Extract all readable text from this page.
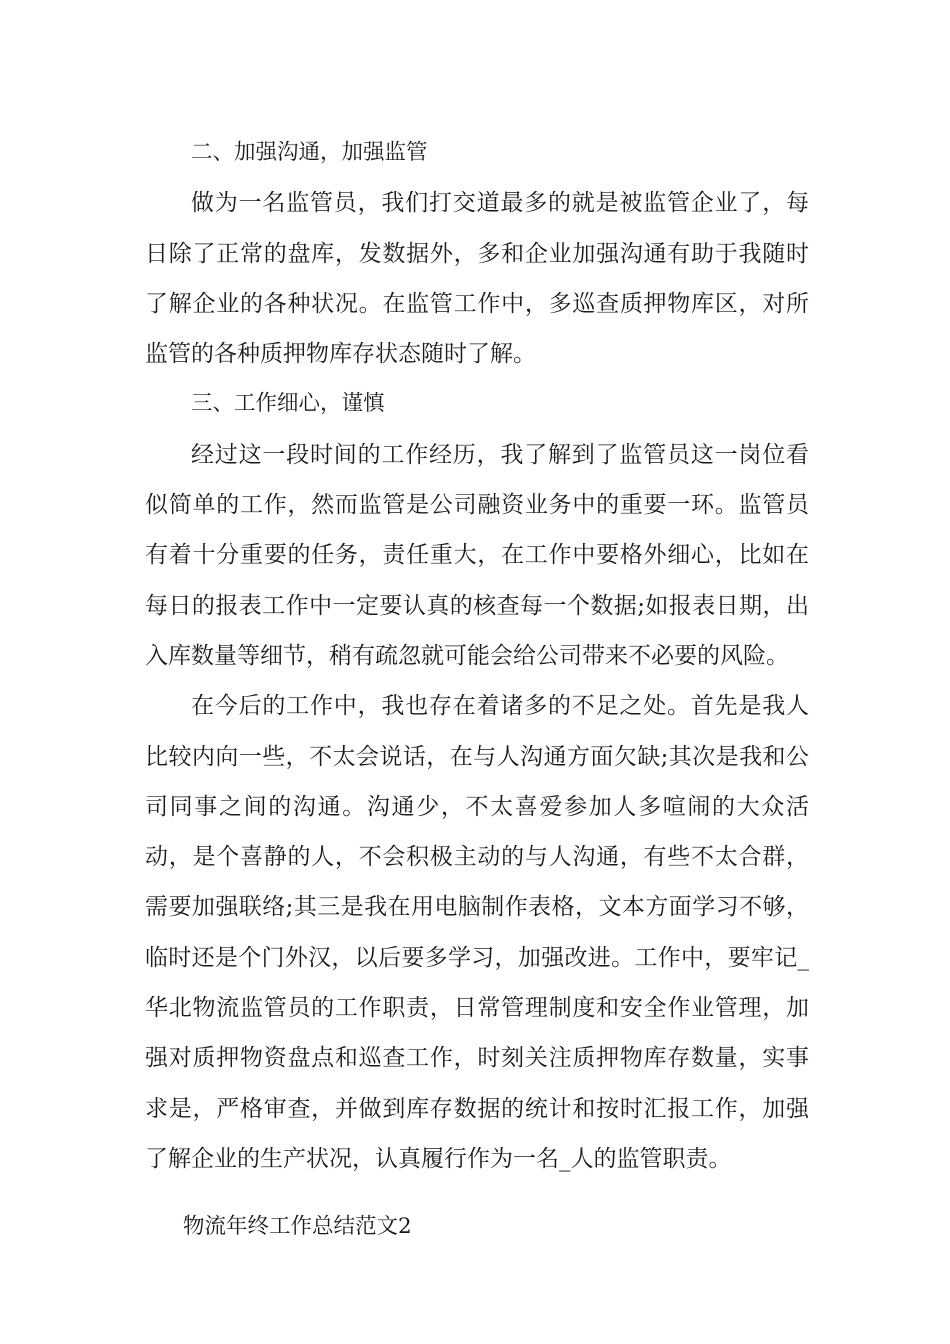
二、加强沟通，加强监管

做为一名监管员，我们打交道最多的就是被监管企业了，每日除了正常的盘库，发数据外，多和企业加强沟通有助于我随时了解企业的各种状况。在监管工作中，多巡查质押物库区，对所监管的各种质押物库存状态随时了解。

三、工作细心，谨慎

经过这一段时间的工作经历，我了解到了监管员这一岗位看似简单的工作，然而监管是公司融资业务中的重要一环。监管员有着十分重要的任务，责任重大，在工作中要格外细心，比如在每日的报表工作中一定要认真的核查每一个数据;如报表日期，出入库数量等细节，稍有疏忽就可能会给公司带来不必要的风险。

在今后的工作中，我也存在着诸多的不足之处。首先是我人比较内向一些，不太会说话，在与人沟通方面欠缺;其次是我和公司同事之间的沟通。沟通少，不太喜爱参加人多喧闹的大众活动，是个喜静的人，不会积极主动的与人沟通，有些不太合群，需要加强联络;其三是我在用电脑制作表格，文本方面学习不够，临时还是个门外汉，以后要多学习，加强改进。工作中，要牢记_华北物流监管员的工作职责，日常管理制度和安全作业管理，加强对质押物资盘点和巡查工作，时刻关注质押物库存数量，实事求是，严格审查，并做到库存数据的统计和按时汇报工作，加强了解企业的生产状况，认真履行作为一名_人的监管职责。

物流年终工作总结范文2
